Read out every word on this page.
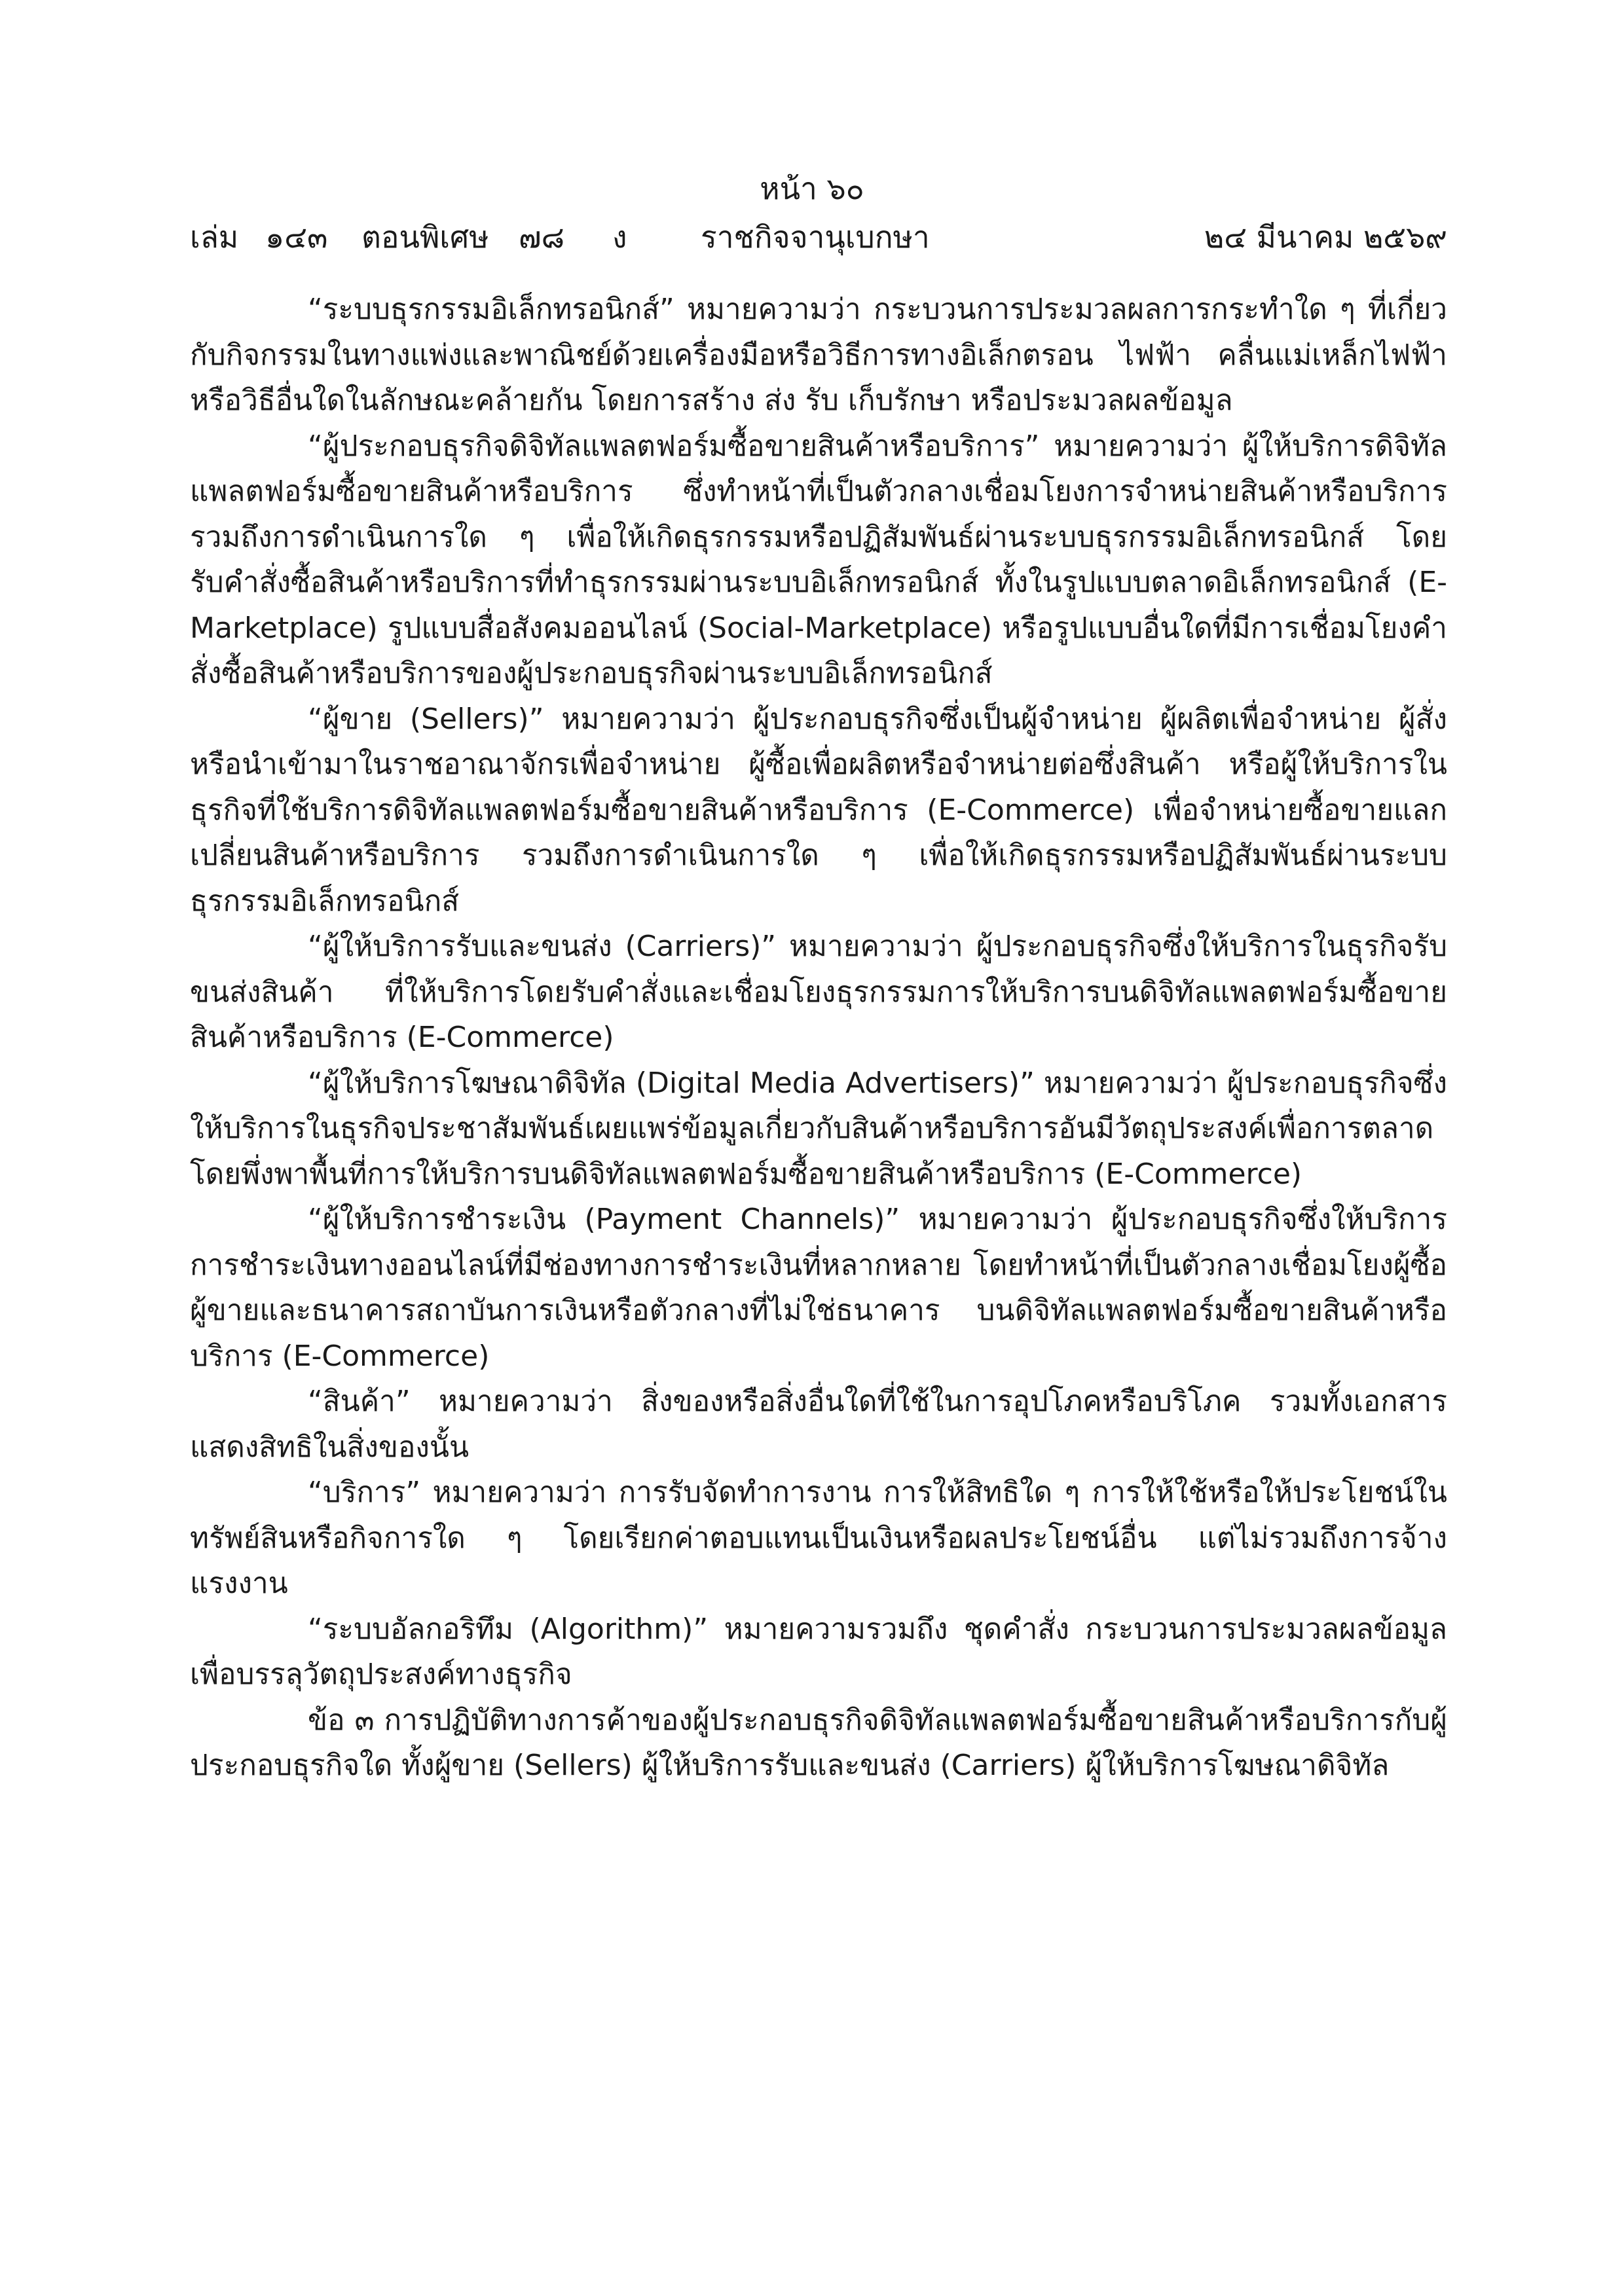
หน้า ๖๐
เล่ม ๑๔๓ ตอนพิเศษ ๗๘ ง ราชกิจจานุเบกษา	๒๔ มีนาคม ๒๕๖๙

“ระบบธุรกรรมอิเล็กทรอนิกส์” หมายความว่า กระบวนการประมวลผลการกระทำใด ๆ ที่เกี่ยวกับกิจกรรมในทางแพ่งและพาณิชย์ด้วยเครื่องมือหรือวิธีการทางอิเล็กตรอน ไฟฟ้า คลื่นแม่เหล็กไฟฟ้า หรือวิธีอื่นใดในลักษณะคล้ายกัน โดยการสร้าง ส่ง รับ เก็บรักษา หรือประมวลผลข้อมูล

“ผู้ประกอบธุรกิจดิจิทัลแพลตฟอร์มซื้อขายสินค้าหรือบริการ” หมายความว่า ผู้ให้บริการดิจิทัลแพลตฟอร์มซื้อขายสินค้าหรือบริการ ซึ่งทำหน้าที่เป็นตัวกลางเชื่อมโยงการจำหน่ายสินค้าหรือบริการ รวมถึงการดำเนินการใด ๆ เพื่อให้เกิดธุรกรรมหรือปฏิสัมพันธ์ผ่านระบบธุรกรรมอิเล็กทรอนิกส์ โดยรับคำสั่งซื้อสินค้าหรือบริการที่ทำธุรกรรมผ่านระบบอิเล็กทรอนิกส์ ทั้งในรูปแบบตลาดอิเล็กทรอนิกส์ (E-Marketplace) รูปแบบสื่อสังคมออนไลน์ (Social-Marketplace) หรือรูปแบบอื่นใดที่มีการเชื่อมโยงคำสั่งซื้อสินค้าหรือบริการของผู้ประกอบธุรกิจผ่านระบบอิเล็กทรอนิกส์

“ผู้ขาย (Sellers)” หมายความว่า ผู้ประกอบธุรกิจซึ่งเป็นผู้จำหน่าย ผู้ผลิตเพื่อจำหน่าย ผู้สั่งหรือนำเข้ามาในราชอาณาจักรเพื่อจำหน่าย ผู้ซื้อเพื่อผลิตหรือจำหน่ายต่อซึ่งสินค้า หรือผู้ให้บริการในธุรกิจที่ใช้บริการดิจิทัลแพลตฟอร์มซื้อขายสินค้าหรือบริการ (E-Commerce) เพื่อจำหน่ายซื้อขายแลกเปลี่ยนสินค้าหรือบริการ รวมถึงการดำเนินการใด ๆ เพื่อให้เกิดธุรกรรมหรือปฏิสัมพันธ์ผ่านระบบธุรกรรมอิเล็กทรอนิกส์

“ผู้ให้บริการรับและขนส่ง (Carriers)” หมายความว่า ผู้ประกอบธุรกิจซึ่งให้บริการในธุรกิจรับขนส่งสินค้า ที่ให้บริการโดยรับคำสั่งและเชื่อมโยงธุรกรรมการให้บริการบนดิจิทัลแพลตฟอร์มซื้อขายสินค้าหรือบริการ (E-Commerce)

“ผู้ให้บริการโฆษณาดิจิทัล (Digital Media Advertisers)” หมายความว่า ผู้ประกอบธุรกิจซึ่งให้บริการในธุรกิจประชาสัมพันธ์เผยแพร่ข้อมูลเกี่ยวกับสินค้าหรือบริการอันมีวัตถุประสงค์เพื่อการตลาดโดยพึ่งพาพื้นที่การให้บริการบนดิจิทัลแพลตฟอร์มซื้อขายสินค้าหรือบริการ (E-Commerce)

“ผู้ให้บริการชำระเงิน (Payment Channels)” หมายความว่า ผู้ประกอบธุรกิจซึ่งให้บริการการชำระเงินทางออนไลน์ที่มีช่องทางการชำระเงินที่หลากหลาย โดยทำหน้าที่เป็นตัวกลางเชื่อมโยงผู้ซื้อ ผู้ขายและธนาคารสถาบันการเงินหรือตัวกลางที่ไม่ใช่ธนาคาร บนดิจิทัลแพลตฟอร์มซื้อขายสินค้าหรือบริการ (E-Commerce)

“สินค้า” หมายความว่า สิ่งของหรือสิ่งอื่นใดที่ใช้ในการอุปโภคหรือบริโภค รวมทั้งเอกสารแสดงสิทธิในสิ่งของนั้น

“บริการ” หมายความว่า การรับจัดทำการงาน การให้สิทธิใด ๆ การให้ใช้หรือให้ประโยชน์ในทรัพย์สินหรือกิจการใด ๆ โดยเรียกค่าตอบแทนเป็นเงินหรือผลประโยชน์อื่น แต่ไม่รวมถึงการจ้างแรงงาน

“ระบบอัลกอริทึม (Algorithm)” หมายความรวมถึง ชุดคำสั่ง กระบวนการประมวลผลข้อมูลเพื่อบรรลุวัตถุประสงค์ทางธุรกิจ

ข้อ ๓ การปฏิบัติทางการค้าของผู้ประกอบธุรกิจดิจิทัลแพลตฟอร์มซื้อขายสินค้าหรือบริการกับผู้ประกอบธุรกิจใด ทั้งผู้ขาย (Sellers) ผู้ให้บริการรับและขนส่ง (Carriers) ผู้ให้บริการโฆษณาดิจิทัล
